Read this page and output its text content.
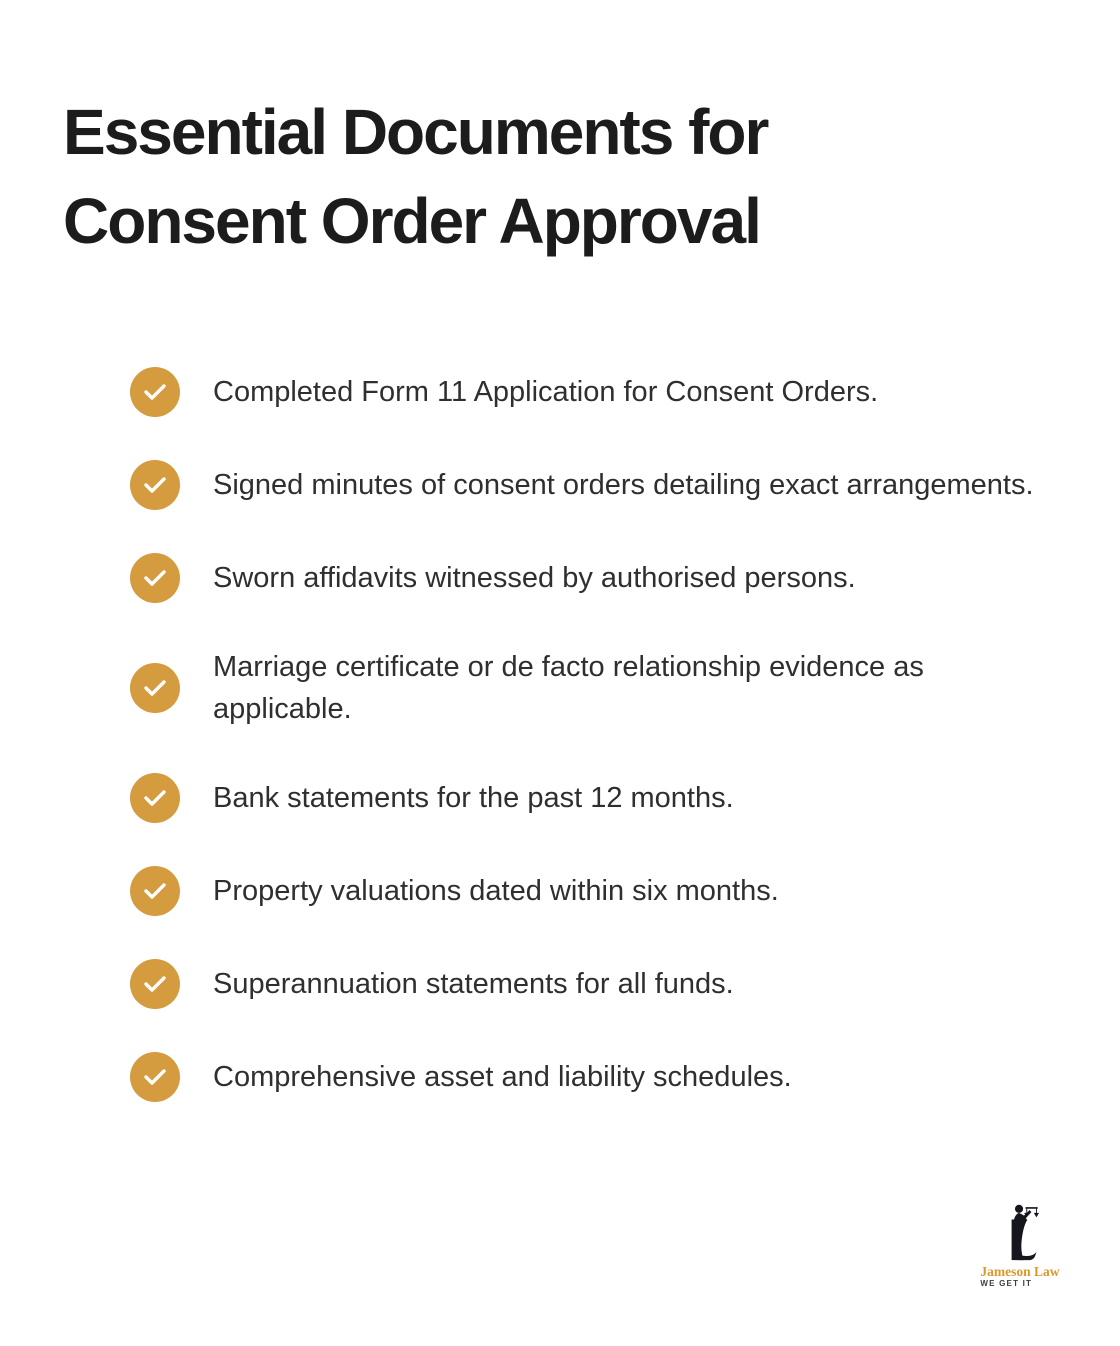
Essential Documents for
Consent Order Approval
Completed Form 11 Application for Consent Orders.
Signed minutes of consent orders detailing exact arrangements.
Sworn affidavits witnessed by authorised persons.
Marriage certificate or de facto relationship evidence as applicable.
Bank statements for the past 12 months.
Property valuations dated within six months.
Superannuation statements for all funds.
Comprehensive asset and liability schedules.
Jameson Law
WE GET IT
